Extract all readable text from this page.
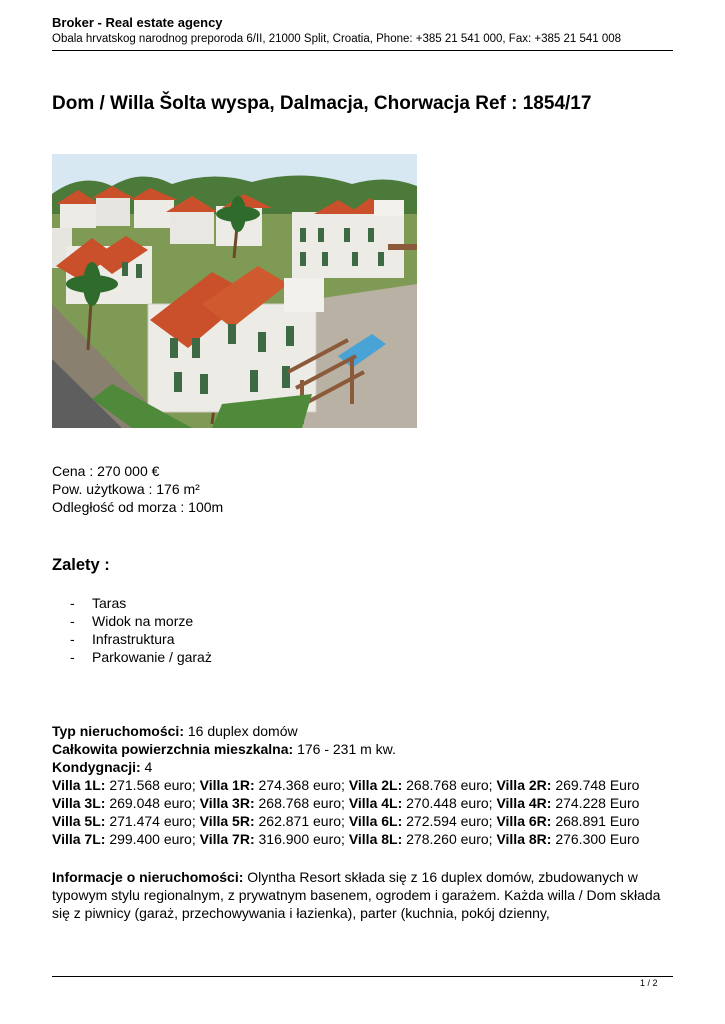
Broker - Real estate agency
Obala hrvatskog narodnog preporoda 6/II, 21000 Split, Croatia, Phone: +385 21 541 000, Fax: +385 21 541 008
Dom / Willa Šolta wyspa, Dalmacja, Chorwacja Ref : 1854/17
Cena : 270 000 €
Pow. użytkowa : 176 m²
Odległość od morza : 100m
Zalety :
- Taras
- Widok na morze
- Infrastruktura
- Parkowanie / garaż
Typ nieruchomości: 16 duplex domów
Całkowita powierzchnia mieszkalna: 176 - 231 m kw.
Kondygnacji: 4
Villa 1L: 271.568 euro; Villa 1R: 274.368 euro; Villa 2L: 268.768 euro; Villa 2R: 269.748 Euro
Villa 3L: 269.048 euro; Villa 3R: 268.768 euro; Villa 4L: 270.448 euro; Villa 4R: 274.228 Euro
Villa 5L: 271.474 euro; Villa 5R: 262.871 euro; Villa 6L: 272.594 euro; Villa 6R: 268.891 Euro
Villa 7L: 299.400 euro; Villa 7R: 316.900 euro; Villa 8L: 278.260 euro; Villa 8R: 276.300 Euro
Informacje o nieruchomości: Olyntha Resort składa się z 16 duplex domów, zbudowanych w typowym stylu regionalnym, z prywatnym basenem, ogrodem i garażem. Każda willa / Dom składa się z piwnicy (garaż, przechowywania i łazienka), parter (kuchnia, pokój dzienny,
1 / 2
